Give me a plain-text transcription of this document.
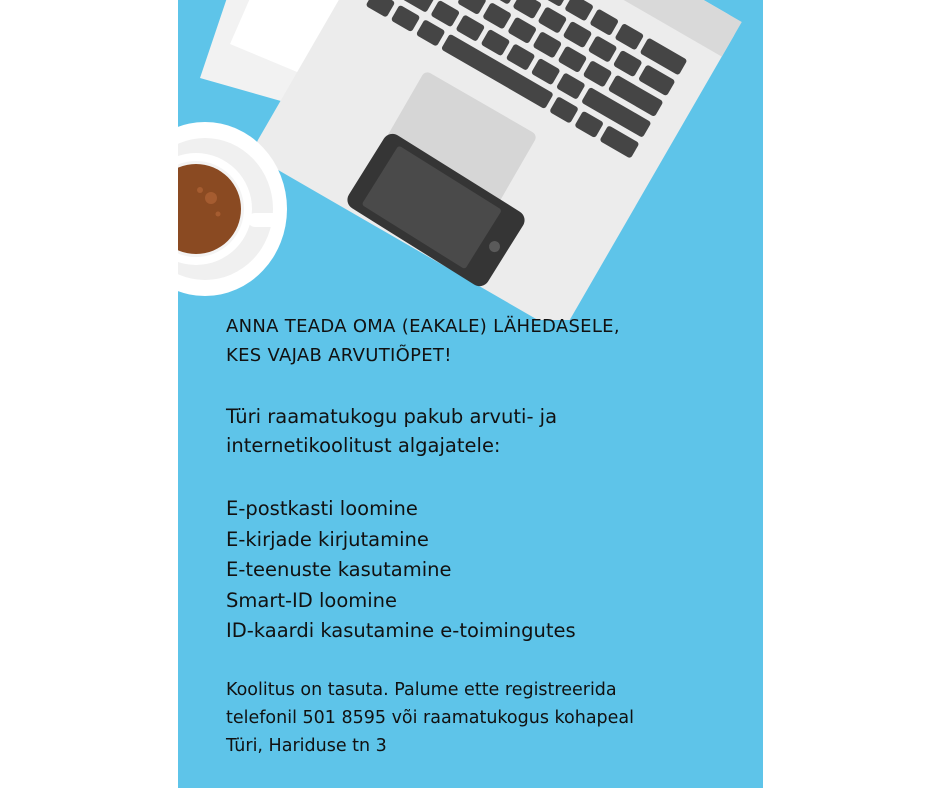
ANNA TEADA OMA (EAKALE) LÄHEDASELE,
KES VAJAB ARVUTIÕPET!
Türi raamatukogu pakub arvuti- ja
internetikoolitust algajatele:
E-postkasti loomine
E-kirjade kirjutamine
E-teenuste kasutamine
Smart-ID loomine
ID-kaardi kasutamine e-toimingutes
Koolitus on tasuta. Palume ette registreerida
telefonil 501 8595 või raamatukogus kohapeal
Türi, Hariduse tn 3
